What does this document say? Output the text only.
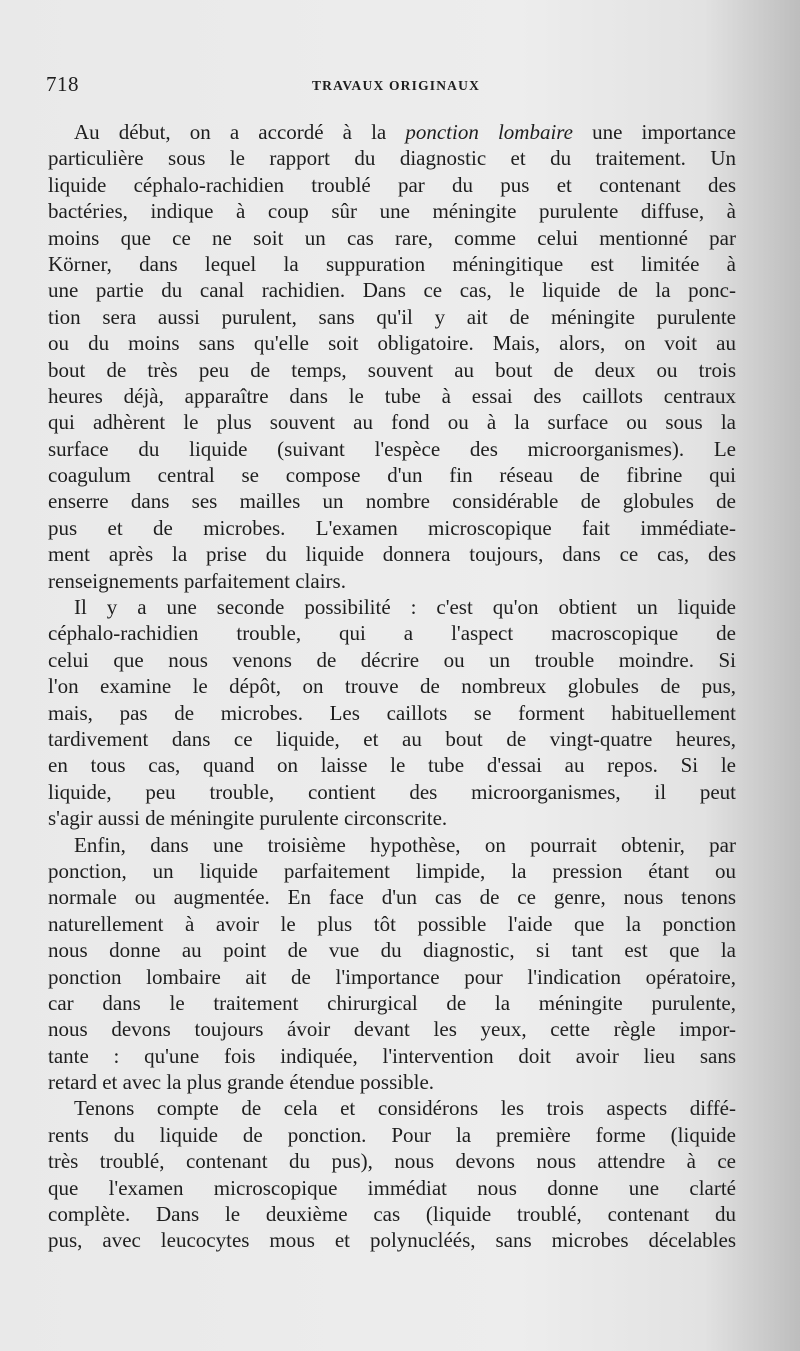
718	TRAVAUX ORIGINAUX
Au début, on a accordé à la ponction lombaire une importance
particulière sous le rapport du diagnostic et du traitement. Un
liquide céphalo-rachidien troublé par du pus et contenant des
bactéries, indique à coup sûr une méningite purulente diffuse, à
moins que ce ne soit un cas rare, comme celui mentionné par
Körner, dans lequel la suppuration méningitique est limitée à
une partie du canal rachidien. Dans ce cas, le liquide de la ponc-
tion sera aussi purulent, sans qu'il y ait de méningite purulente
ou du moins sans qu'elle soit obligatoire. Mais, alors, on voit au
bout de très peu de temps, souvent au bout de deux ou trois
heures déjà, apparaître dans le tube à essai des caillots centraux
qui adhèrent le plus souvent au fond ou à la surface ou sous la
surface du liquide (suivant l'espèce des microorganismes). Le
coagulum central se compose d'un fin réseau de fibrine qui
enserre dans ses mailles un nombre considérable de globules de
pus et de microbes. L'examen microscopique fait immédiate-
ment après la prise du liquide donnera toujours, dans ce cas, des
renseignements parfaitement clairs.
Il y a une seconde possibilité : c'est qu'on obtient un liquide
céphalo-rachidien trouble, qui a l'aspect macroscopique de
celui que nous venons de décrire ou un trouble moindre. Si
l'on examine le dépôt, on trouve de nombreux globules de pus,
mais, pas de microbes. Les caillots se forment habituellement
tardivement dans ce liquide, et au bout de vingt-quatre heures,
en tous cas, quand on laisse le tube d'essai au repos. Si le
liquide, peu trouble, contient des microorganismes, il peut
s'agir aussi de méningite purulente circonscrite.
Enfin, dans une troisième hypothèse, on pourrait obtenir, par
ponction, un liquide parfaitement limpide, la pression étant ou
normale ou augmentée. En face d'un cas de ce genre, nous tenons
naturellement à avoir le plus tôt possible l'aide que la ponction
nous donne au point de vue du diagnostic, si tant est que la
ponction lombaire ait de l'importance pour l'indication opératoire,
car dans le traitement chirurgical de la méningite purulente,
nous devons toujours ávoir devant les yeux, cette règle impor-
tante : qu'une fois indiquée, l'intervention doit avoir lieu sans
retard et avec la plus grande étendue possible.
Tenons compte de cela et considérons les trois aspects diffé-
rents du liquide de ponction. Pour la première forme (liquide
très troublé, contenant du pus), nous devons nous attendre à ce
que l'examen microscopique immédiat nous donne une clarté
complète. Dans le deuxième cas (liquide troublé, contenant du
pus, avec leucocytes mous et polynucléés, sans microbes décelables
